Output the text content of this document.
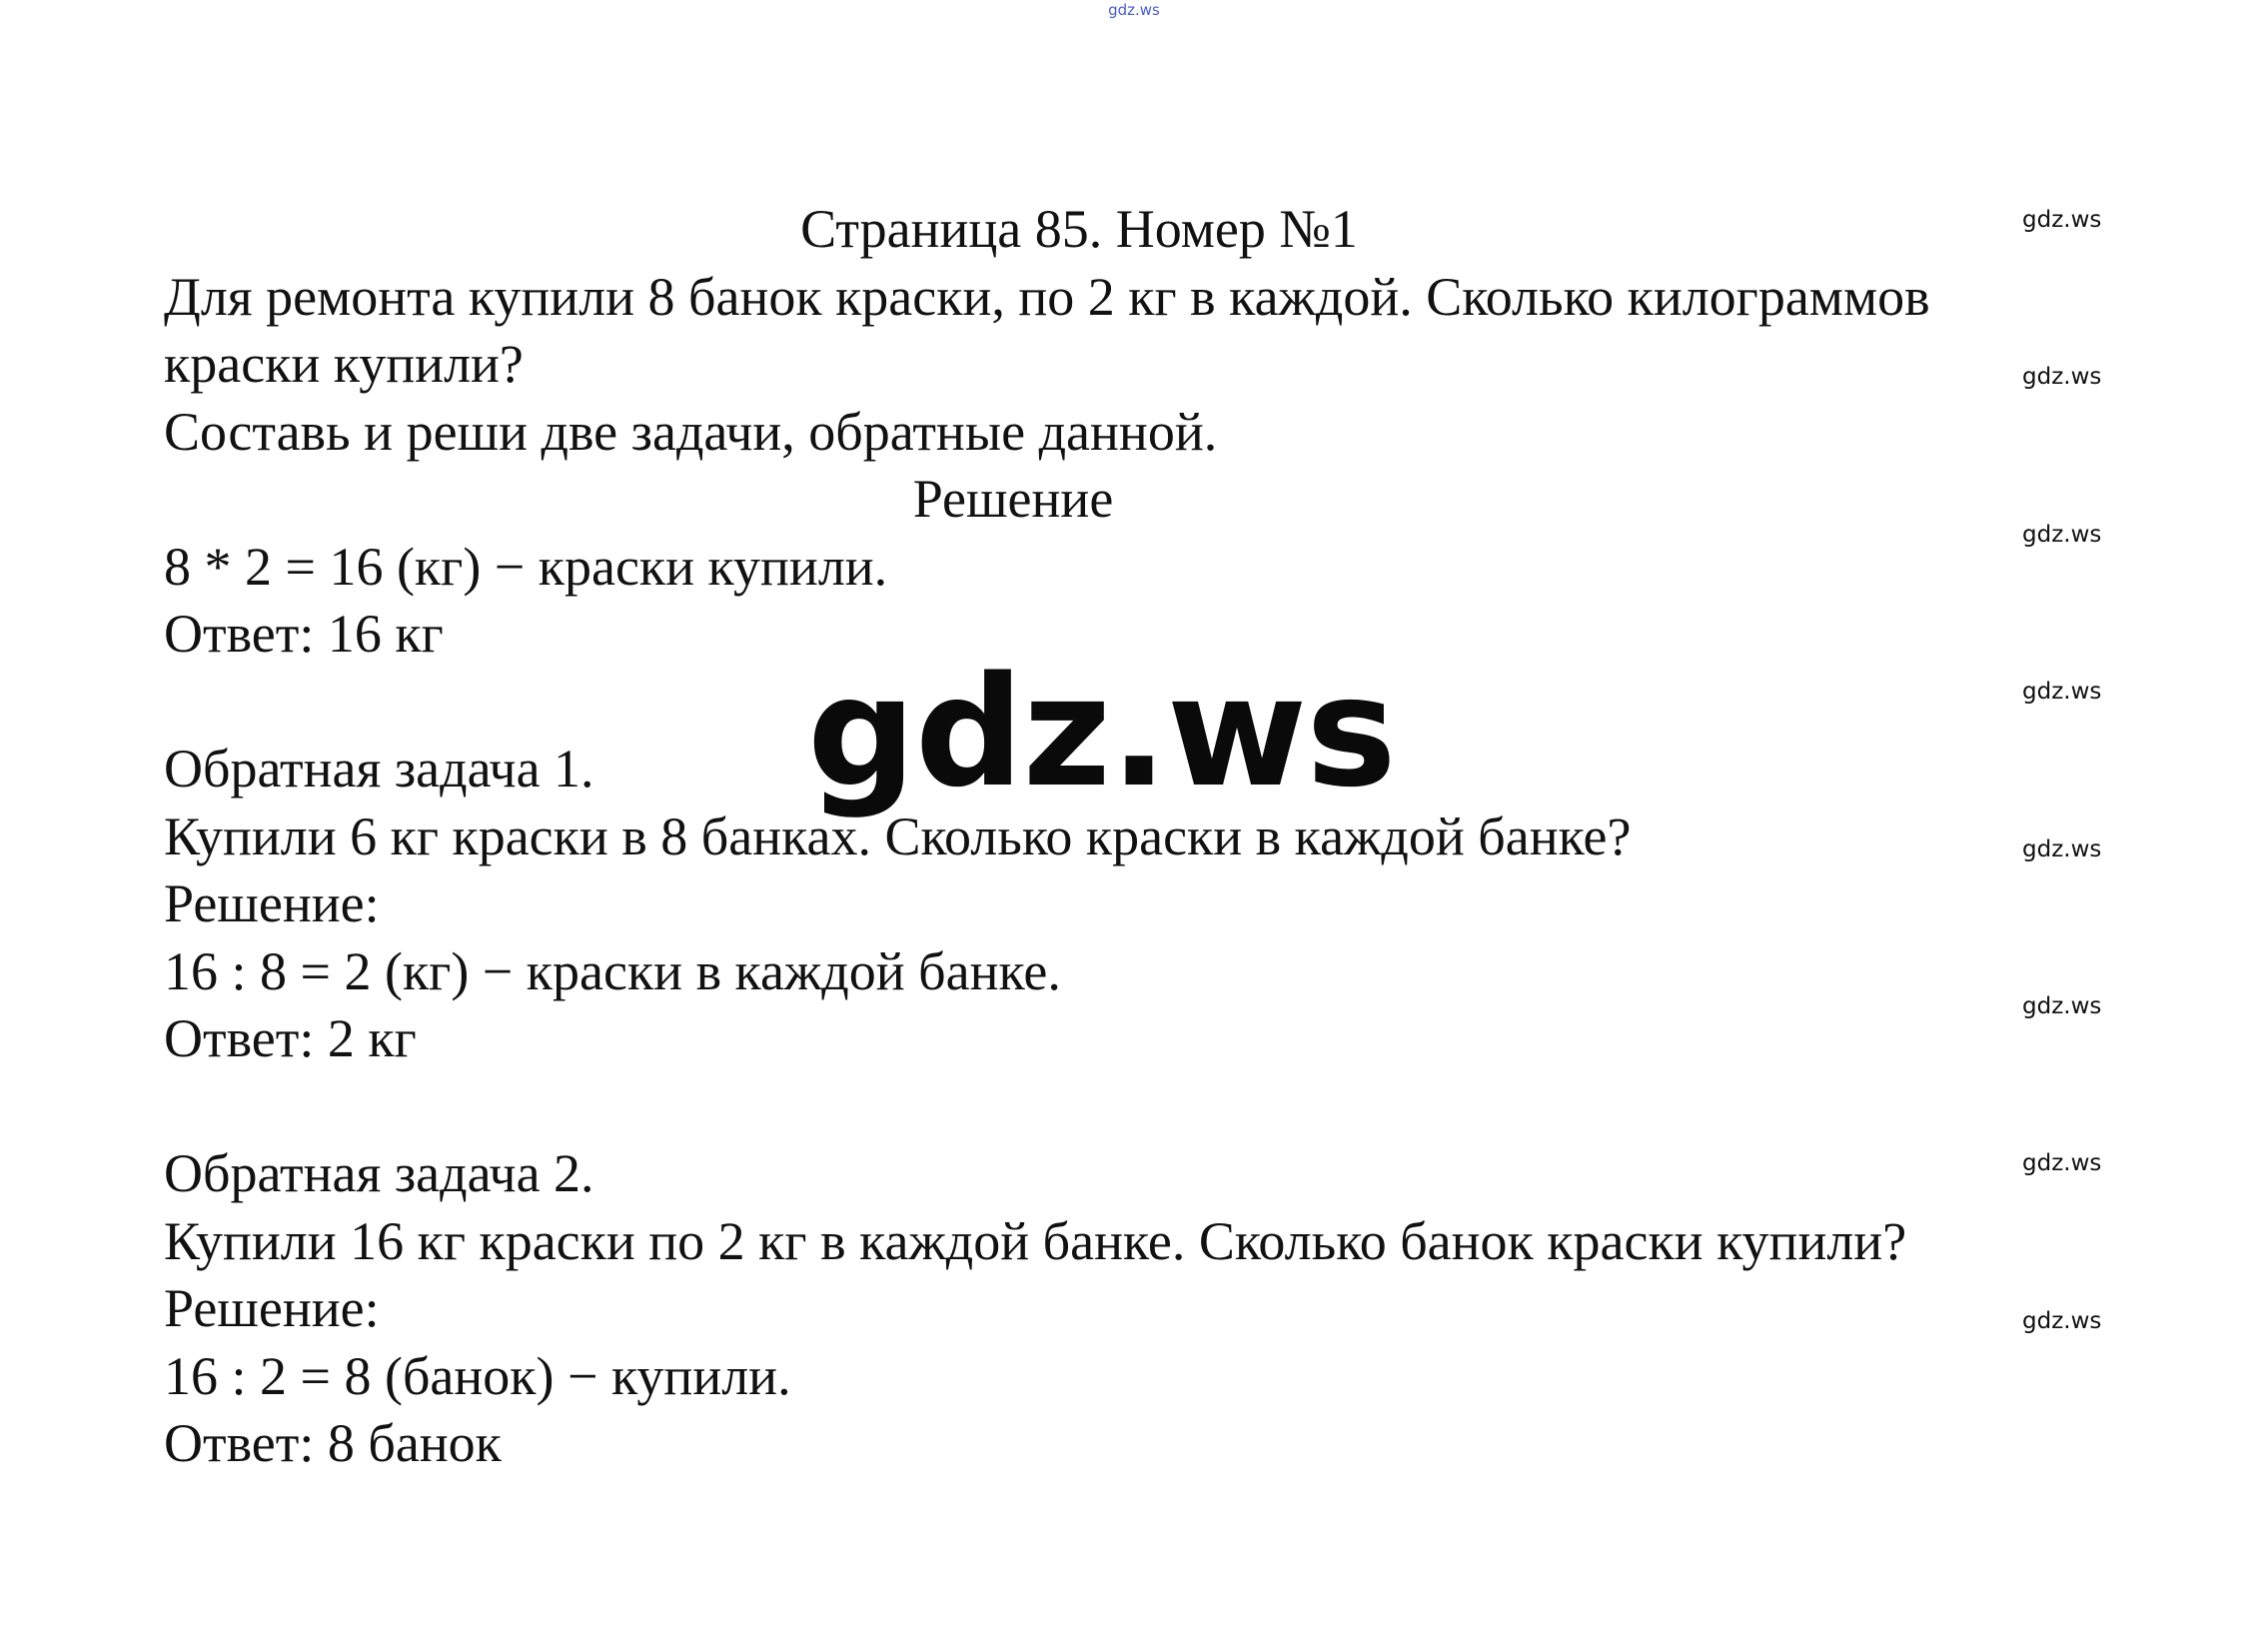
gdz.ws
Страница 85. Номер №1
Для ремонта купили 8 банок краски, по 2 кг в каждой. Сколько килограммов
краски купили?
Составь и реши две задачи, обратные данной.
Решение
8 * 2 = 16 (кг) − краски купили.
Ответ: 16 кг
Обратная задача 1.
Купили 6 кг краски в 8 банках. Сколько краски в каждой банке?
Решение:
16 : 8 = 2 (кг) − краски в каждой банке.
Ответ: 2 кг
Обратная задача 2.
Купили 16 кг краски по 2 кг в каждой банке. Сколько банок краски купили?
Решение:
16 : 2 = 8 (банок) − купили.
Ответ: 8 банок
gdz.ws
gdz.ws
gdz.ws
gdz.ws
gdz.ws
gdz.ws
gdz.ws
gdz.ws
gdz.ws
